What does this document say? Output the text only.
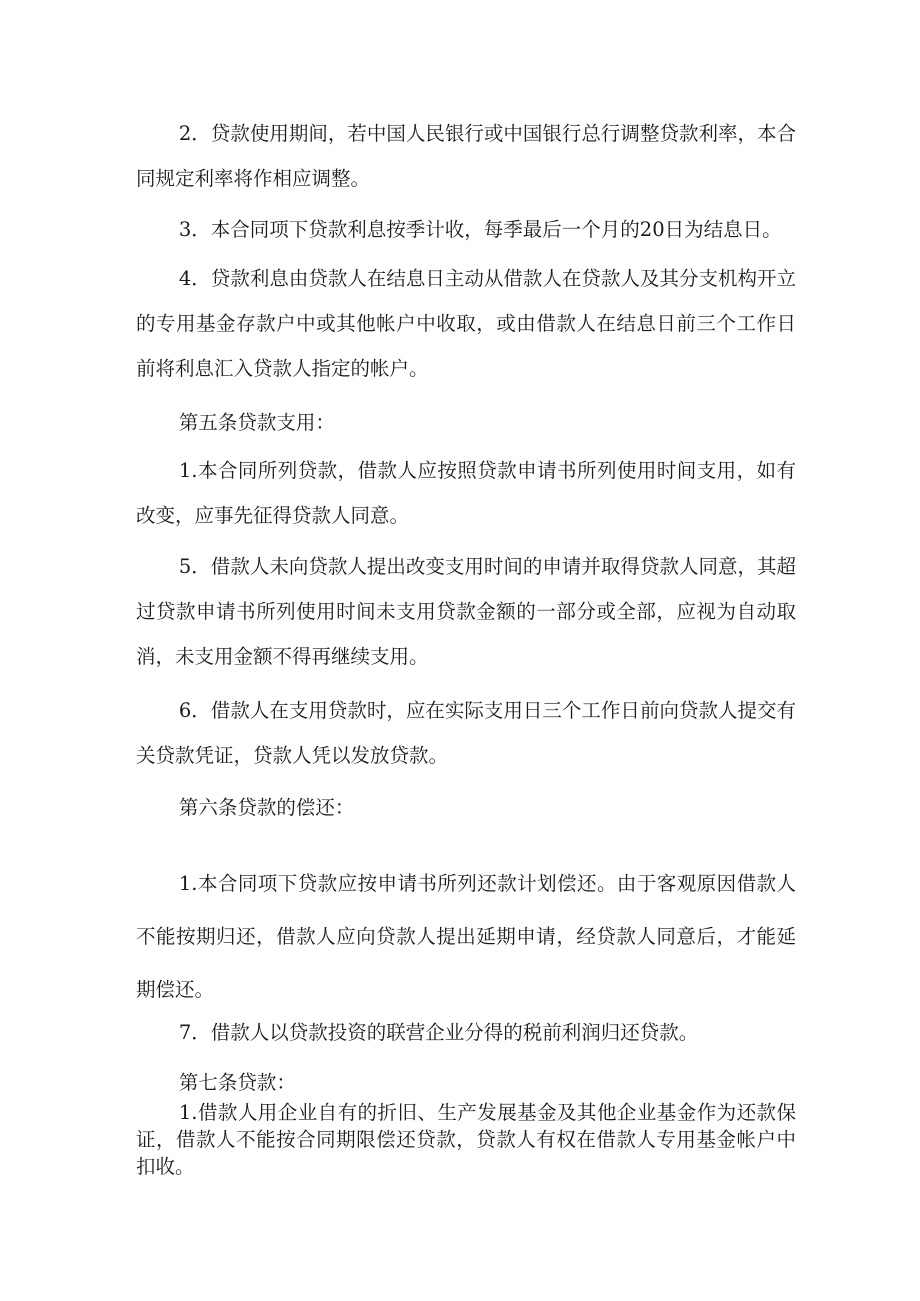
2．贷款使用期间，若中国人民银行或中国银行总行调整贷款利率，本合同规定利率将作相应调整。

3．本合同项下贷款利息按季计收，每季最后一个月的20日为结息日。

4．贷款利息由贷款人在结息日主动从借款人在贷款人及其分支机构开立的专用基金存款户中或其他帐户中收取，或由借款人在结息日前三个工作日前将利息汇入贷款人指定的帐户。

第五条贷款支用：

1.本合同所列贷款，借款人应按照贷款申请书所列使用时间支用，如有改变，应事先征得贷款人同意。

5．借款人未向贷款人提出改变支用时间的申请并取得贷款人同意，其超过贷款申请书所列使用时间未支用贷款金额的一部分或全部，应视为自动取消，未支用金额不得再继续支用。

6．借款人在支用贷款时，应在实际支用日三个工作日前向贷款人提交有关贷款凭证，贷款人凭以发放贷款。

第六条贷款的偿还：

1.本合同项下贷款应按申请书所列还款计划偿还。由于客观原因借款人不能按期归还，借款人应向贷款人提出延期申请，经贷款人同意后，才能延期偿还。

7．借款人以贷款投资的联营企业分得的税前利润归还贷款。

第七条贷款：

1.借款人用企业自有的折旧、生产发展基金及其他企业基金作为还款保证，借款人不能按合同期限偿还贷款，贷款人有权在借款人专用基金帐户中扣收。
